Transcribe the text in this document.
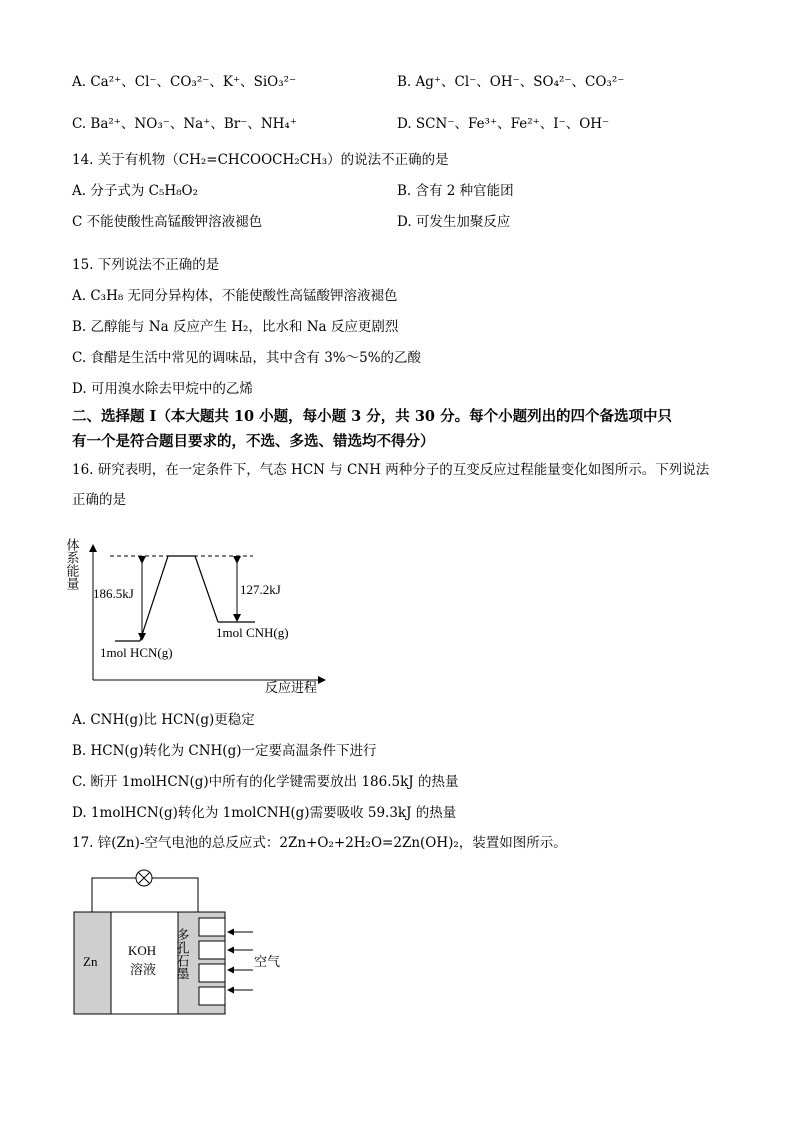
A. Ca²⁺、Cl⁻、CO₃²⁻、K⁺、SiO₃²⁻	B. Ag⁺、Cl⁻、OH⁻、SO₄²⁻、CO₃²⁻
C. Ba²⁺、NO₃⁻、Na⁺、Br⁻、NH₄⁺	D. SCN⁻、Fe³⁺、Fe²⁺、I⁻、OH⁻
14. 关于有机物（CH₂=CHCOOCH₂CH₃）的说法不正确的是
A. 分子式为 C₅H₈O₂	B. 含有 2 种官能团
C 不能使酸性高锰酸钾溶液褪色	D. 可发生加聚反应
15. 下列说法不正确的是
A. C₃H₈ 无同分异构体，不能使酸性高锰酸钾溶液褪色
B. 乙醇能与 Na 反应产生 H₂，比水和 Na 反应更剧烈
C. 食醋是生活中常见的调味品，其中含有 3%～5%的乙酸
D. 可用溴水除去甲烷中的乙烯
二、选择题 I（本大题共 10 小题，每小题 3 分，共 30 分。每个小题列出的四个备选项中只
有一个是符合题目要求的，不选、多选、错选均不得分）
16. 研究表明，在一定条件下，气态 HCN 与 CNH 两种分子的互变反应过程能量变化如图所示。下列说法
正确的是
体系能量
186.5kJ	127.2kJ
1mol CNH(g)
1mol HCN(g)
反应进程
A. CNH(g)比 HCN(g)更稳定
B. HCN(g)转化为 CNH(g)一定要高温条件下进行
C. 断开 1molHCN(g)中所有的化学键需要放出 186.5kJ 的热量
D. 1molHCN(g)转化为 1molCNH(g)需要吸收 59.3kJ 的热量
17. 锌(Zn)-空气电池的总反应式：2Zn+O₂+2H₂O=2Zn(OH)₂，装置如图所示。
Zn
KOH
溶液 多孔石墨	空气
